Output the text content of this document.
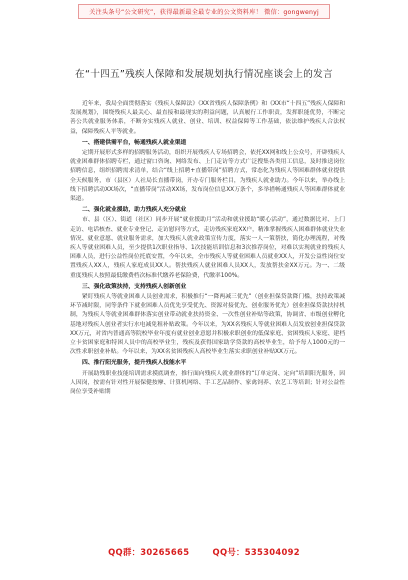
关注头条号“公文研究”，获得最新最全最专业的公文资料库！ 微信：gongwenyj
在“十四五”残疾人保障和发展规划执行情况座谈会上的发言

近年来，我局全面贯彻落实《残疾人保障法》《XX省残疾人保障条例》和《XX市“十四五”残疾人保障和发展规划》，围绕残疾人最关心、最直接和最现实的利益问题，认真履行工作职责，发挥职能优势，不断完善公共就业服务体系，不断夯实残疾人就业、创业、培训、权益保障等工作基础，依法维护残疾人合法权益，保障残疾人平等就业。

一、搭建供需平台，畅通残疾人就业渠道

定期开展形式多样的招聘服务活动，组织开展残疾人专场招聘会，依托XX网和线上公众号，开辟残疾人就业困难群体招聘专栏，通过窗口咨询、网络发布、上门走访等方式广泛搜集各类用工信息，及时推送岗位招聘信息，组织招聘需求清单，结合“线上招聘+直播带岗”招聘方式，常态化为残疾人等困难群体就业提供全天候服务，市（县区）人社局长直播带岗，开办专门服务栏目，为残疾人就业助力。今年以来，举办线上线下招聘活动XX场次，“直播带岗”活动XX场，发布岗位信息XX万条个，多举措畅通残疾人等困难群体就业渠道。

二、强化就业援助，助力残疾人充分就业

市、县（区）、街道（社区）同步开展“就业援助月”活动和就业援助“暖心活动”，通过数据比对、上门走访、电话核查、就业专业登记、走访慰问等方式，走访残疾家庭XX户，精准掌握残疾人困难群体就业失业情况、就业意愿、就业服务需求，加大残疾人就业政策宣传力度，落实一人一策帮扶，简化办理流程，对残疾人等就业困难人员，至少提供1次职业指导、1次技能培训信息和3次推荐岗位，对难以实现就业的残疾人困难人员，进行公益性岗位托底安置，今年以来，全市残疾人等就业困难人员就业XX人，开发公益性岗位安置残疾人XX人，残疾人家庭成员XX人。帮扶残疾人就业困难人员XX人，发放帮扶金XX万元。为一、二级重度残疾人按照最低缴费档次标准代缴养老保险费，代缴率100%。

三、强化政策扶持，支持残疾人创新创业

紧盯残疾人等就业困难人员创业需求，积极推行“一降两减三优先”（创业担保贷款降门槛，扶持政策减环节减时限，同等条件下就业困难人员优先享受优先、资源对接优先、创业服务优先）创业担保贷款扶持机制，为残疾人等就业困难群体落实创业带动就业扶持资金、一次性创业补贴等政策，协调省、市级创业孵化基地对残疾人创业者实行水电减免租补贴政策。今年以来，为XX名残疾人等就业困难人员发放创业担保贷款XX万元，对省内普通高等院校毕业年度有就业创业意愿并积极求职创业的低保家庭、贫困残疾人家庭、建档立卡贫困家庭和特困人员中的高校毕业生，残疾及获得国家助学贷款的高校毕业生，给予每人1000元的一次性求职创业补贴。今年以来，为XX名贫困残疾人高校毕业生落实求职创业补贴XX万元。

四、推行阳光服务，提升残疾人技能水平

开展助残职业技能培训需求摸底调查，推行面向残疾人就业群体的“订单定岗、定向”培训阳光服务，因人因岗，按需有针对性开展保健按摩、计算机网络、手工艺品制作、家禽饲养、农艺工等培训；针对公益性岗位享受补贴期

QQ群：30265665	QQ号：535304092
